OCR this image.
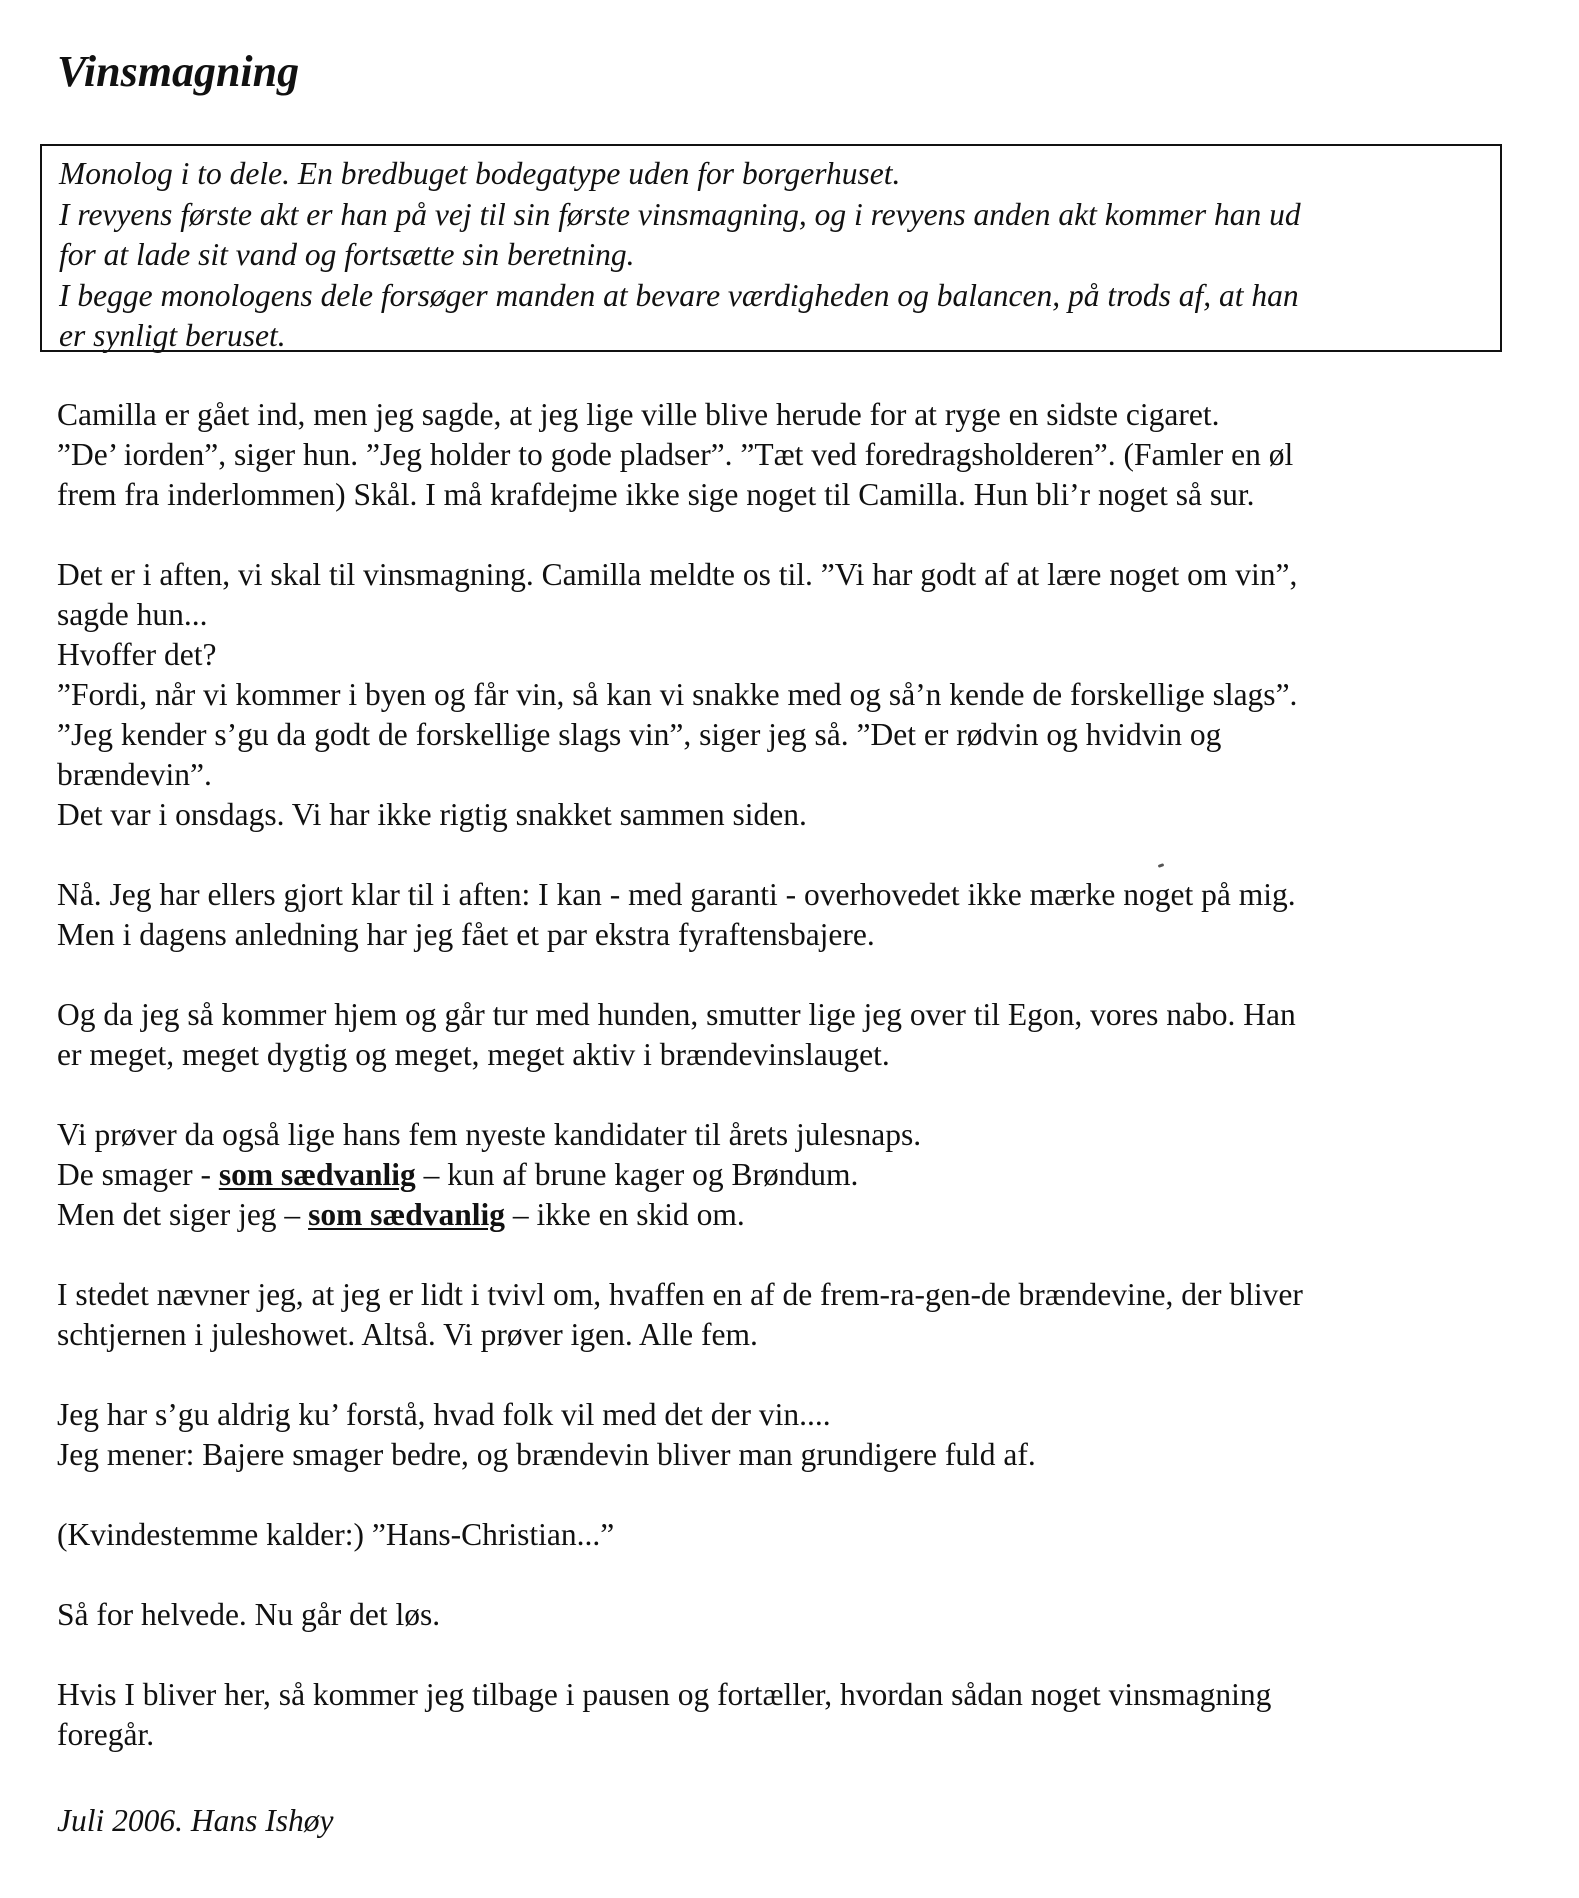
Vinsmagning

Monolog i to dele. En bredbuget bodegatype uden for borgerhuset.

I revyens første akt er han på vej til sin første vinsmagning, og i revyens anden akt kommer han ud

for at lade sit vand og fortsætte sin beretning.

I begge monologens dele forsøger manden at bevare værdigheden og balancen, på trods af, at han

er synligt beruset.

Camilla er gået ind, men jeg sagde, at jeg lige ville blive herude for at ryge en sidste cigaret.
”De’ iorden”, siger hun. ”Jeg holder to gode pladser”. ”Tæt ved foredragsholderen”. (Famler en øl
frem fra inderlommen) Skål. I må krafdejme ikke sige noget til Camilla. Hun bli’r noget så sur.
Det er i aften, vi skal til vinsmagning. Camilla meldte os til. ”Vi har godt af at lære noget om vin”,
sagde hun...
Hvoffer det?
”Fordi, når vi kommer i byen og får vin, så kan vi snakke med og så’n kende de forskellige slags”.
”Jeg kender s’gu da godt de forskellige slags vin”, siger jeg så. ”Det er rødvin og hvidvin og
brændevin”.
Det var i onsdags. Vi har ikke rigtig snakket sammen siden.
Nå. Jeg har ellers gjort klar til i aften: I kan - med garanti - overhovedet ikke mærke noget på mig.
Men i dagens anledning har jeg fået et par ekstra fyraftensbajere.
Og da jeg så kommer hjem og går tur med hunden, smutter lige jeg over til Egon, vores nabo. Han
er meget, meget dygtig og meget, meget aktiv i brændevinslauget.
Vi prøver da også lige hans fem nyeste kandidater til årets julesnaps.
De smager - som sædvanlig – kun af brune kager og Brøndum.
Men det siger jeg – som sædvanlig – ikke en skid om.
I stedet nævner jeg, at jeg er lidt i tvivl om, hvaffen en af de frem-ra-gen-de brændevine, der bliver
schtjernen i juleshowet. Altså. Vi prøver igen. Alle fem.
Jeg har s’gu aldrig ku’ forstå, hvad folk vil med det der vin....
Jeg mener: Bajere smager bedre, og brændevin bliver man grundigere fuld af.
(Kvindestemme kalder:) ”Hans-Christian...”
Så for helvede. Nu går det løs.
Hvis I bliver her, så kommer jeg tilbage i pausen og fortæller, hvordan sådan noget vinsmagning
foregår.

Juli 2006. Hans Ishøy
